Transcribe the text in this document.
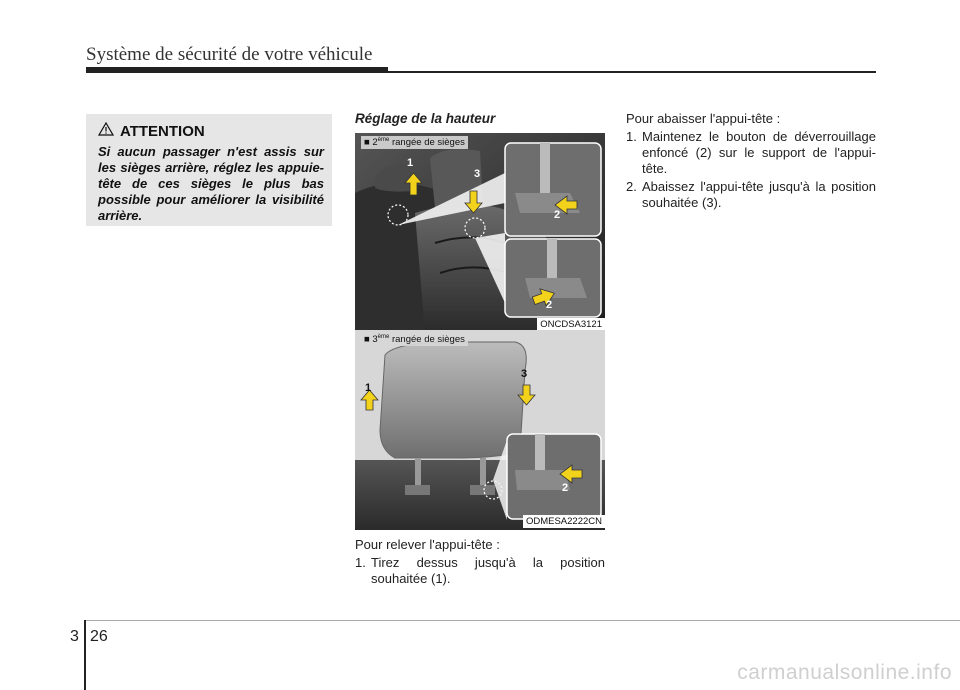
Système de sécurité de votre véhicule
ATTENTION
Si aucun passager n'est assis sur les sièges arrière, réglez les appuie-tête de ces sièges le plus bas possible pour améliorer la visibilité arrière.
Réglage de la hauteur
■ 2ème rangée de sièges
1
3
2
2
ONCDSA3121
■ 3ème rangée de sièges
1
3
2
ODMESA2222CN

Pour relever l'appui-tête :

1. Tirez dessus jusqu'à la position souhaitée (1).

Pour abaisser l'appui-tête :

1. Maintenez le bouton de déverrouillage enfoncé (2) sur le support de l'appui-tête.
2. Abaissez l'appui-tête jusqu'à la position souhaitée (3).
3 26
carmanualsonline.info
